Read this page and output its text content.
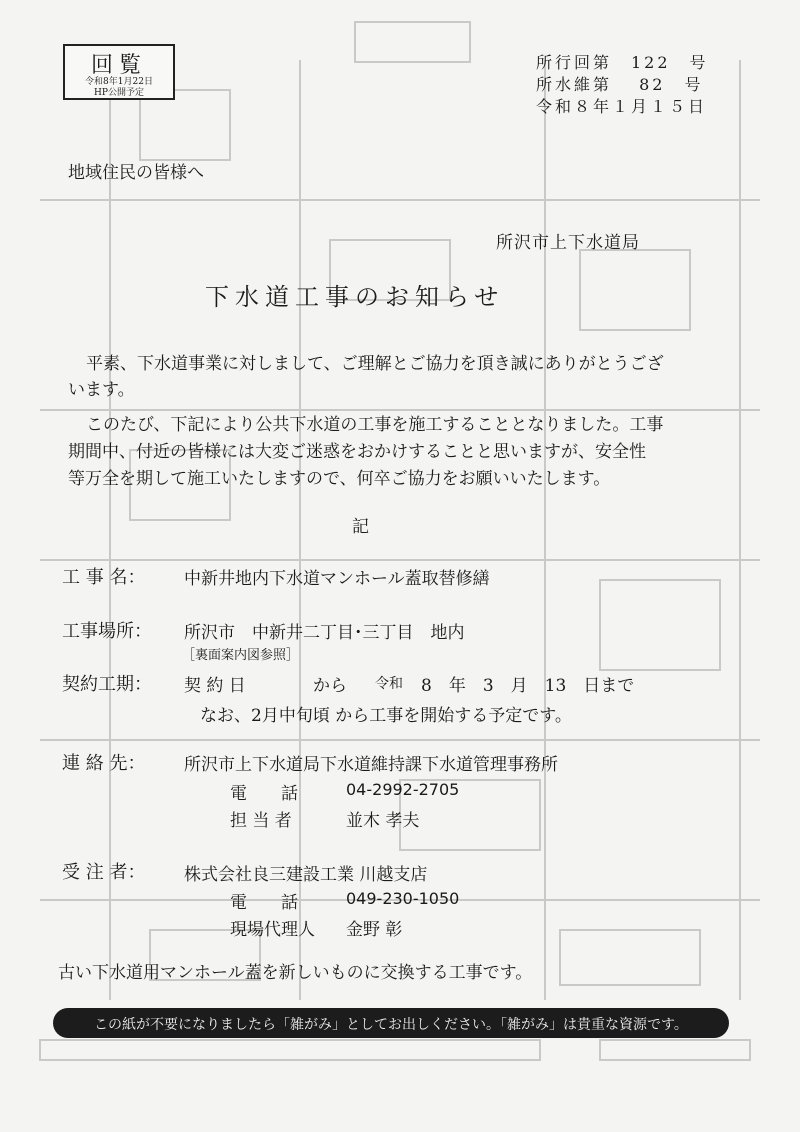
回覧
令和8年1月22日
HP公開予定
所行回第　122　号
所水維第　 82　号
令和８年１月１５日
地域住民の皆様へ
所沢市上下水道局
下水道工事のお知らせ
平素、下水道事業に対しまして、ご理解とご協力を頂き誠にありがとうござ
います。
このたび、下記により公共下水道の工事を施工することとなりました。工事
期間中、付近の皆様には大変ご迷惑をおかけすることと思いますが、安全性
等万全を期して施工いたしますので、何卒ご協力をお願いいたします。
記
工 事 名： 中新井地内下水道マンホール蓋取替修繕
工事場所： 所沢市　中新井二丁目･三丁目　地内
［裏面案内図参照］
契約工期： 契 約 日	から 令和 8　年　3　月　13　日まで
なお、2月中旬頃 から工事を開始する予定です。
連 絡 先： 所沢市上下水道局下水道維持課下水道管理事務所
電　　話	04-2992-2705
担 当 者	並木 孝夫
受 注 者： 株式会社良三建設工業 川越支店
電　　話	049-230-1050
現場代理人 金野 彰
古い下水道用マンホール蓋を新しいものに交換する工事です。
この紙が不要になりましたら「雑がみ」としてお出しください。「雑がみ」は貴重な資源です。
